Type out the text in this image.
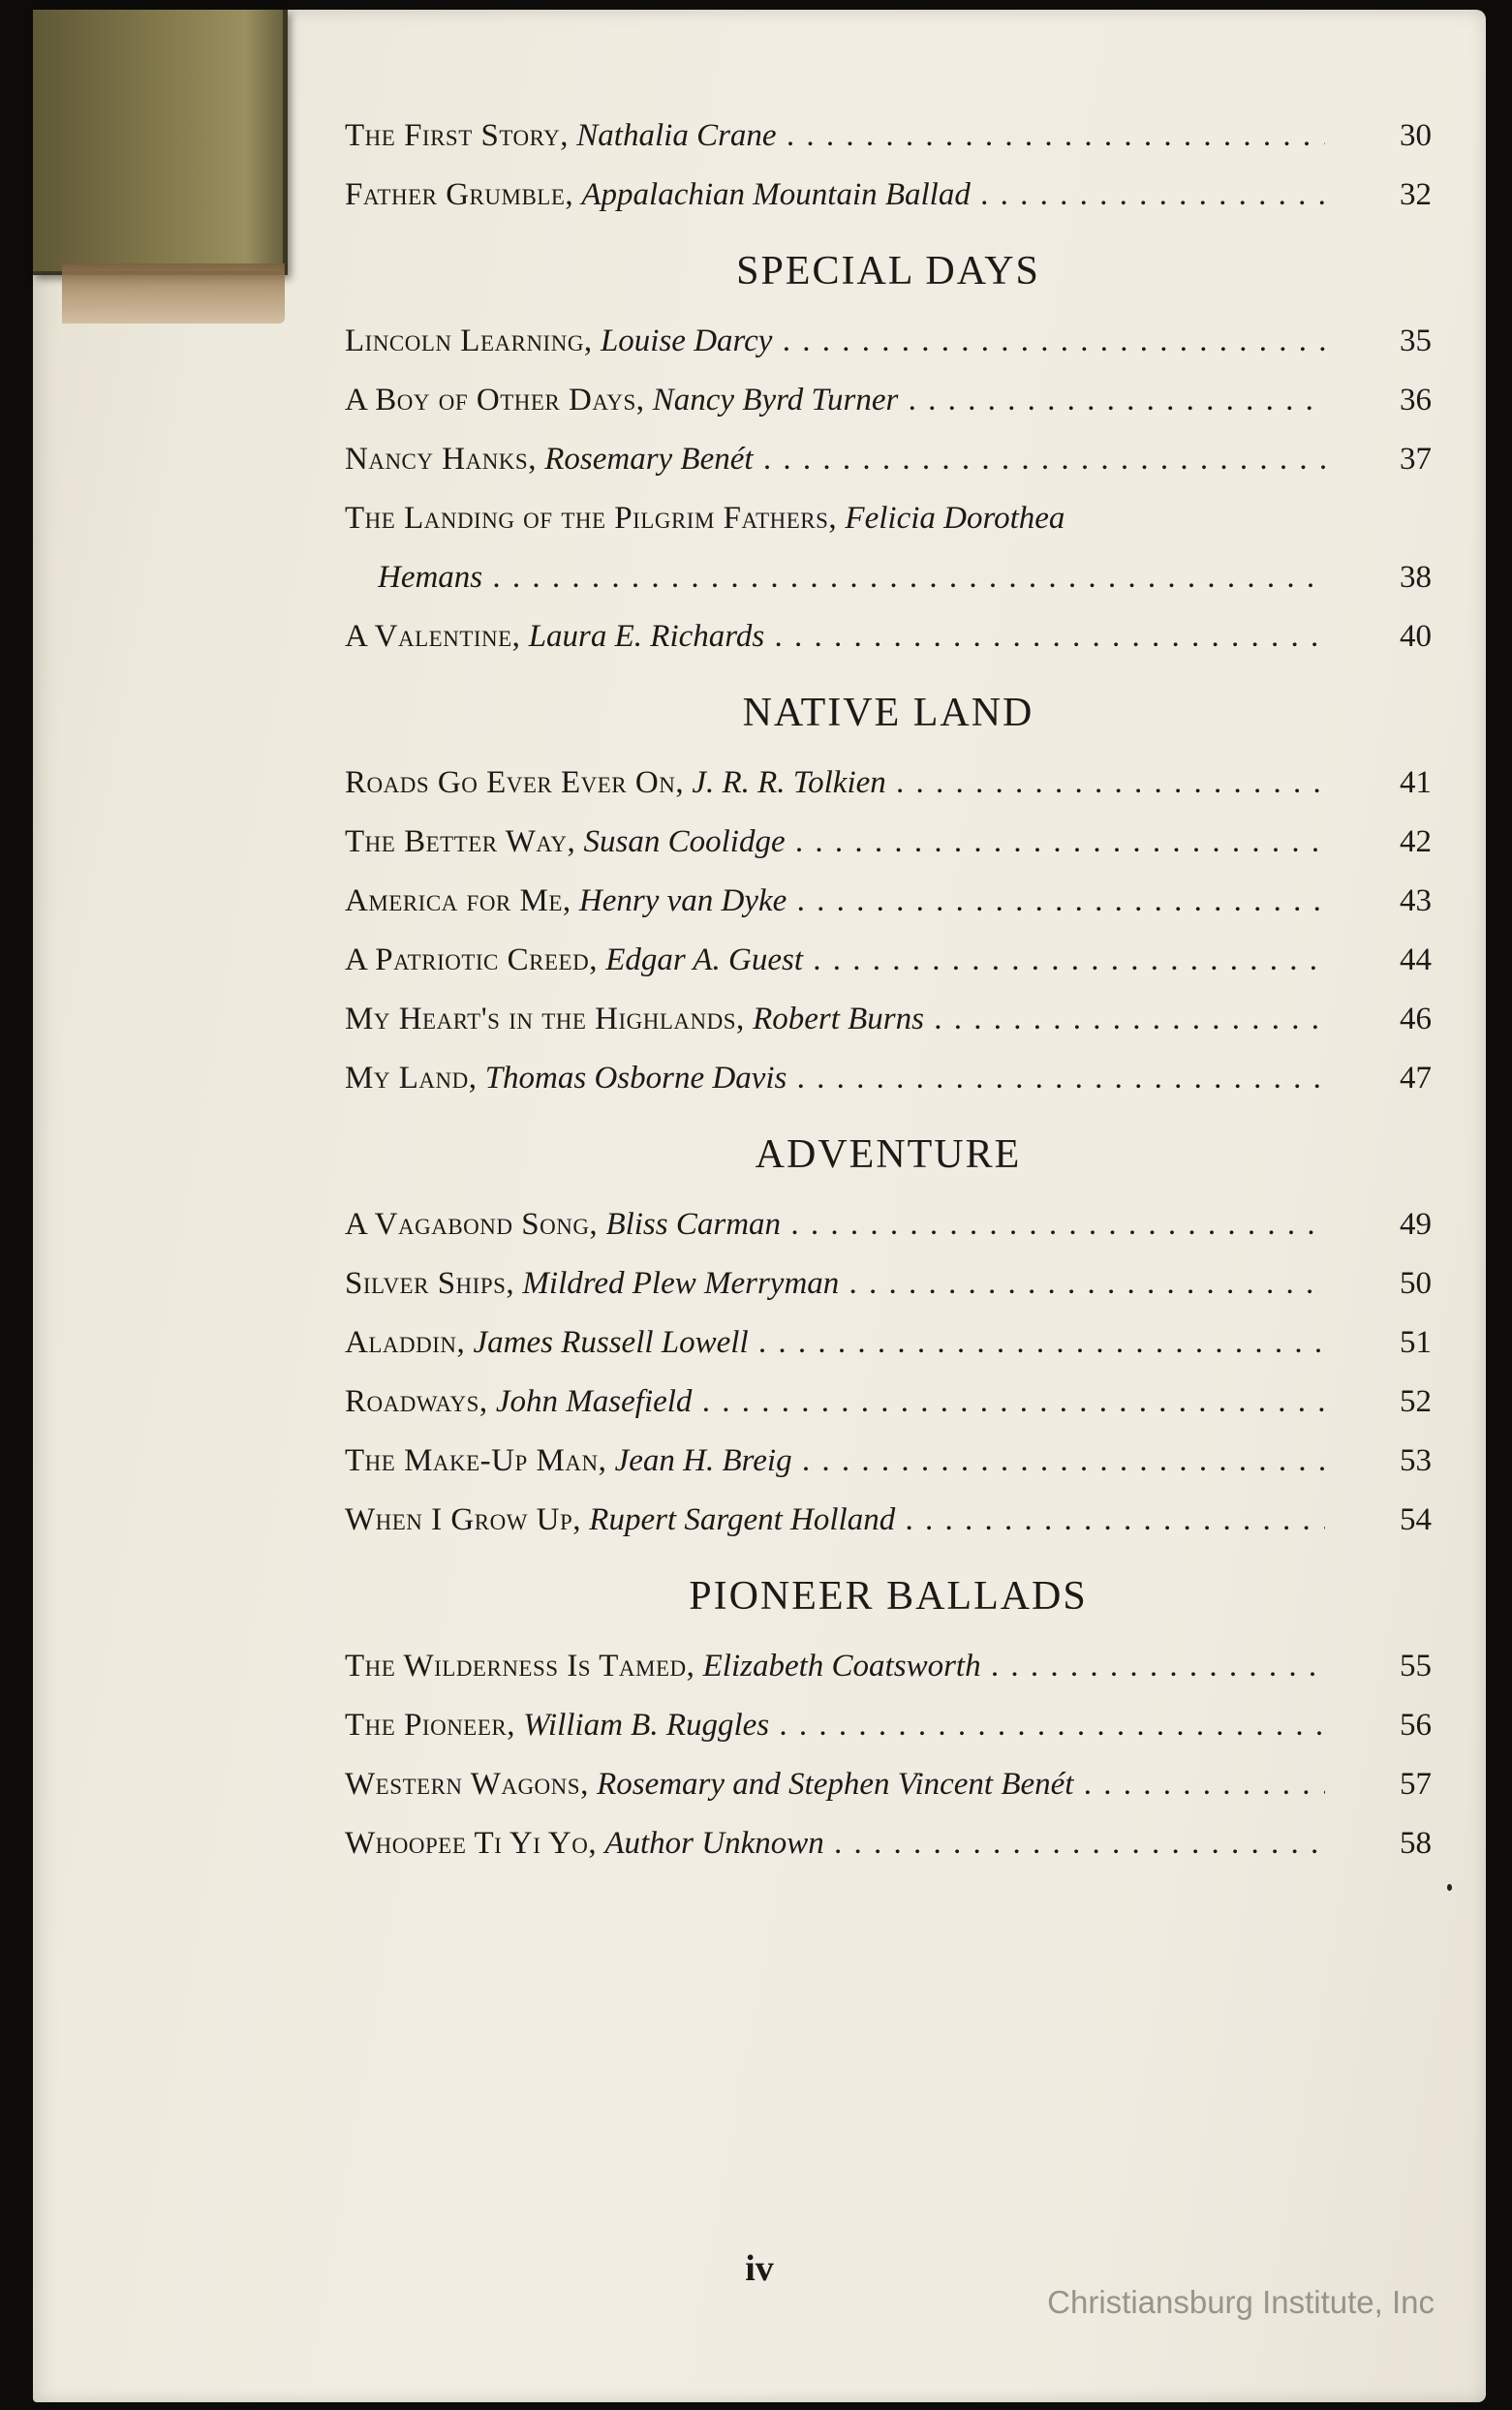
The First Story, Nathalia Crane . . .	30
Father Grumble, Appalachian Mountain Ballad . . .	32
SPECIAL DAYS
Lincoln Learning, Louise Darcy . . .	35
A Boy of Other Days, Nancy Byrd Turner . . .	36
Nancy Hanks, Rosemary Benét . . .	37
The Landing of the Pilgrim Fathers, Felicia Dorothea
Hemans . . .	38
A Valentine, Laura E. Richards . . .	40
NATIVE LAND
Roads Go Ever Ever On, J. R. R. Tolkien . . .	41
The Better Way, Susan Coolidge . . .	42
America for Me, Henry van Dyke . . .	43
A Patriotic Creed, Edgar A. Guest . . .	44
My Heart's in the Highlands, Robert Burns . . .	46
My Land, Thomas Osborne Davis . . .	47
ADVENTURE
A Vagabond Song, Bliss Carman . . .	49
Silver Ships, Mildred Plew Merryman . . .	50
Aladdin, James Russell Lowell . . .	51
Roadways, John Masefield . . .	52
The Make-Up Man, Jean H. Breig . . .	53
When I Grow Up, Rupert Sargent Holland . . .	54
PIONEER BALLADS
The Wilderness Is Tamed, Elizabeth Coatsworth . . .	55
The Pioneer, William B. Ruggles . . .	56
Western Wagons, Rosemary and Stephen Vincent Benét . . .	57
Whoopee Ti Yi Yo, Author Unknown . . .	58
iv
Christiansburg Institute, Inc
